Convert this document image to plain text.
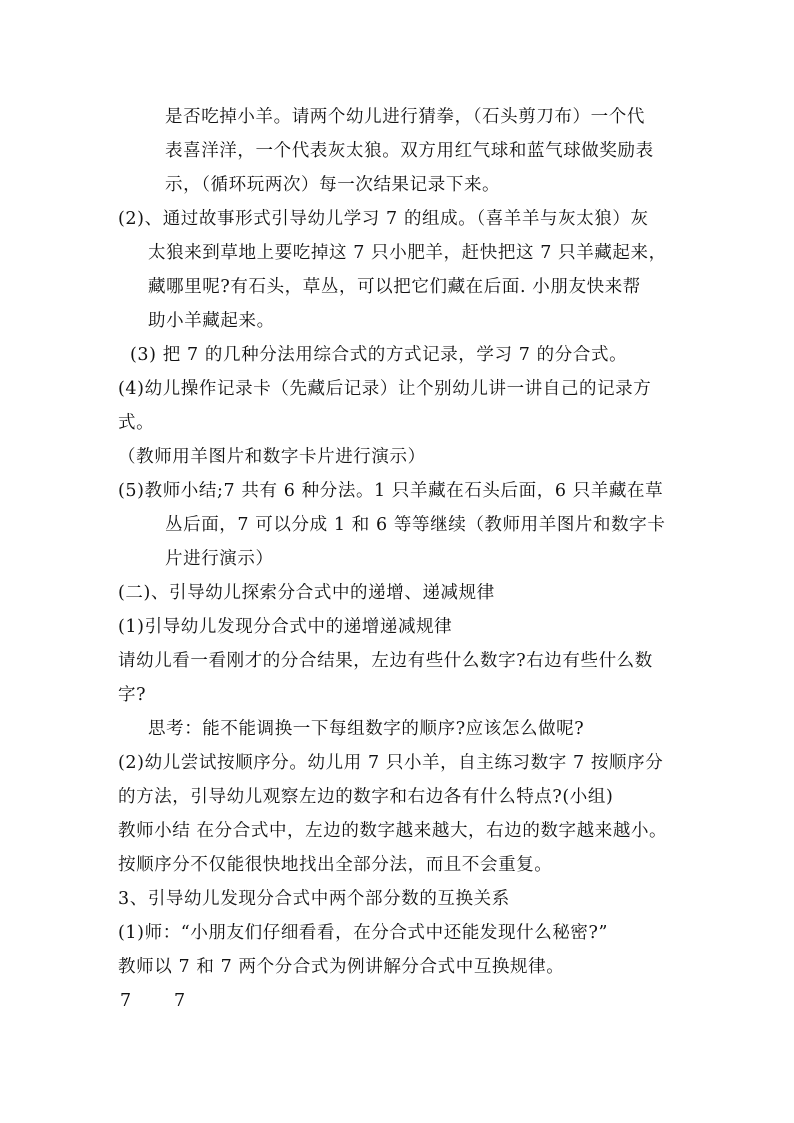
是否吃掉小羊。请两个幼儿进行猜拳，（石头剪刀布）一个代
表喜洋洋，一个代表灰太狼。双方用红气球和蓝气球做奖励表
示，（循环玩两次）每一次结果记录下来。
(2)、通过故事形式引导幼儿学习 7 的组成。（喜羊羊与灰太狼）灰
太狼来到草地上要吃掉这 7 只小肥羊，赶快把这 7 只羊藏起来，
藏哪里呢?有石头，草丛，可以把它们藏在后面. 小朋友快来帮
助小羊藏起来。
(3) 把 7 的几种分法用综合式的方式记录，学习 7 的分合式。
(4)幼儿操作记录卡（先藏后记录）让个别幼儿讲一讲自己的记录方
式。
（教师用羊图片和数字卡片进行演示）
(5)教师小结;7 共有 6 种分法。1 只羊藏在石头后面，6 只羊藏在草
丛后面，7 可以分成 1 和 6 等等继续（教师用羊图片和数字卡
片进行演示）
(二)、引导幼儿探索分合式中的递增、递减规律
(1)引导幼儿发现分合式中的递增递减规律
请幼儿看一看刚才的分合结果，左边有些什么数字?右边有些什么数
字?
思考：能不能调换一下每组数字的顺序?应该怎么做呢?
(2)幼儿尝试按顺序分。幼儿用 7 只小羊，自主练习数字 7 按顺序分
的方法，引导幼儿观察左边的数字和右边各有什么特点?(小组)
教师小结 在分合式中，左边的数字越来越大，右边的数字越来越小。
按顺序分不仅能很快地找出全部分法，而且不会重复。
3、引导幼儿发现分合式中两个部分数的互换关系
(1)师：“小朋友们仔细看看，在分合式中还能发现什么秘密?”
教师以 7 和 7 两个分合式为例讲解分合式中互换规律。
7 7
